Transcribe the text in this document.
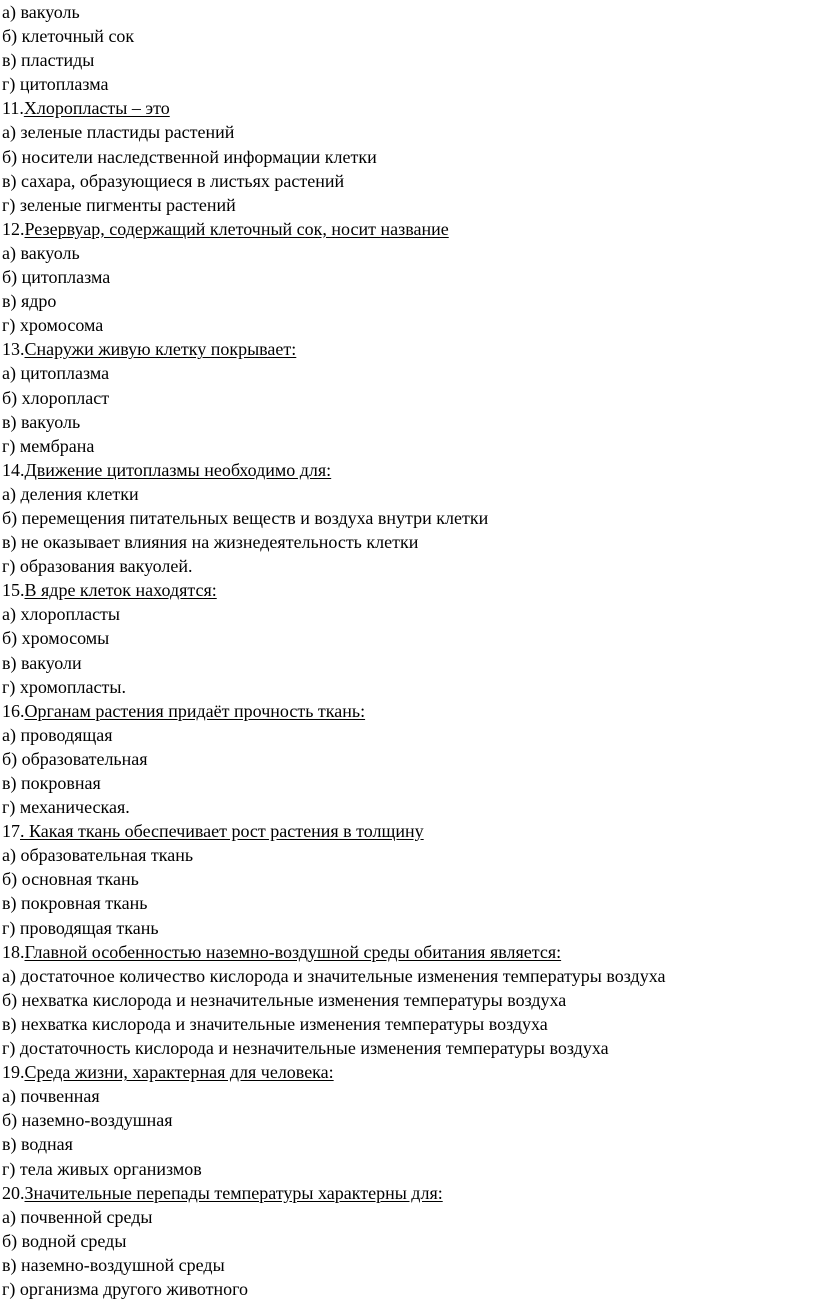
а) вакуоль
б) клеточный сок
в) пластиды
г) цитоплазма
11.Хлоропласты – это
а) зеленые пластиды растений
б) носители наследственной информации клетки
в) сахара, образующиеся в листьях растений
г) зеленые пигменты растений
12.Резервуар, содержащий клеточный сок, носит название
а) вакуоль
б) цитоплазма
в) ядро
г) хромосома
13.Снаружи живую клетку покрывает:
а) цитоплазма
б) хлоропласт
в) вакуоль
г) мембрана
14.Движение цитоплазмы необходимо для:
а) деления клетки
б) перемещения питательных веществ и воздуха внутри клетки
в) не оказывает влияния на жизнедеятельность клетки
г) образования вакуолей.
15.В ядре клеток находятся:
а) хлоропласты
б) хромосомы
в) вакуоли
г) хромопласты.
16.Органам растения придаёт прочность ткань:
а) проводящая
б) образовательная
в) покровная
г) механическая.
17. Какая ткань обеспечивает рост растения в толщину
а) образовательная ткань
б) основная ткань
в) покровная ткань
г) проводящая ткань
18.Главной особенностью наземно-воздушной среды обитания является:
а) достаточное количество кислорода и значительные изменения температуры воздуха
б) нехватка кислорода и незначительные изменения температуры воздуха
в) нехватка кислорода и значительные изменения температуры воздуха
г) достаточность кислорода и незначительные изменения температуры воздуха
19.Среда жизни, характерная для человека:
а) почвенная
б) наземно-воздушная
в) водная
г) тела живых организмов
20.Значительные перепады температуры характерны для:
а) почвенной среды
б) водной среды
в) наземно-воздушной среды
г) организма другого животного
